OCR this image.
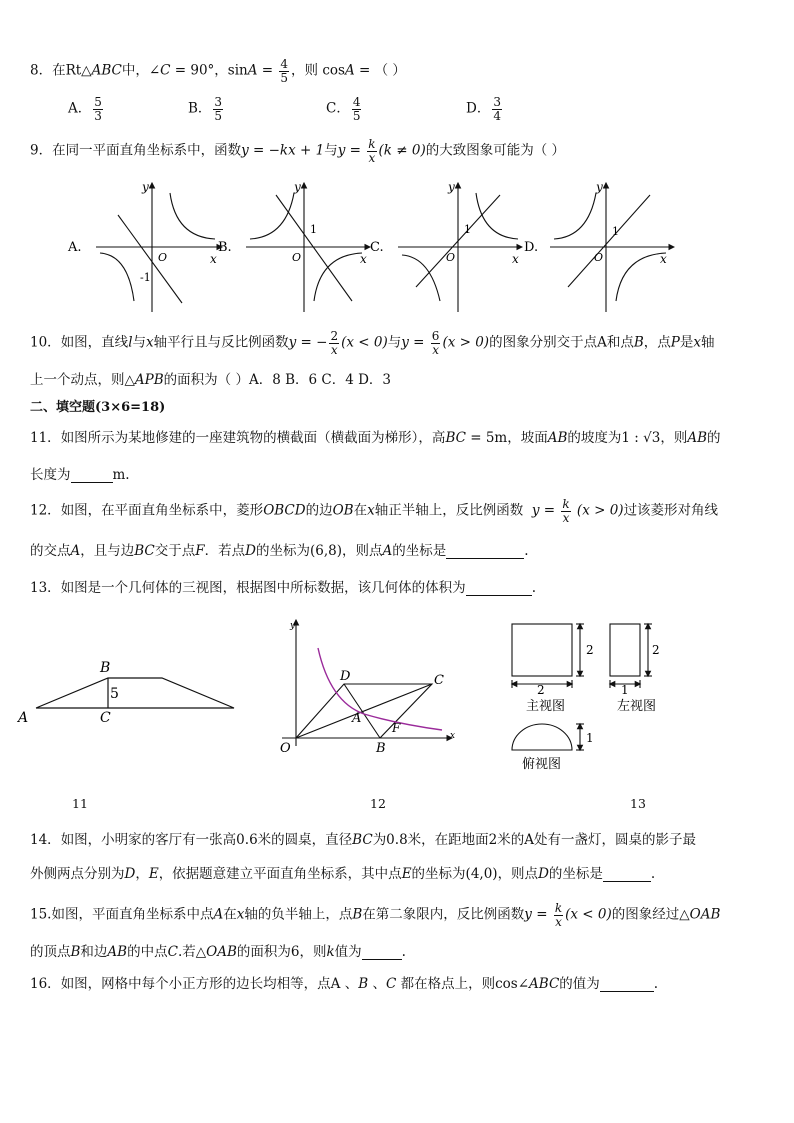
8．在Rt△ABC中，∠C = 90°，$\sin A = \frac{4}{5}$ ，则 cosA = （ ）
A． $\frac{5}{3}$	B． $\frac{3}{5}$	C． $\frac{4}{5}$	D． $\frac{3}{4}$
9．在同一平面直角坐标系中，函数y = −kx + 1与$y = \frac{k}{x} (k \ne 0)$的大致图象可能为（ ）
A.	B.	C.	D.
y
x
O
-1
y
x
O
1
y
x
O
1
y
x
O
1
10．如图，直线l与x轴平行且与反比例函数y = − $\frac{2}{x} (x < 0)$与$y = \frac{6}{x} (x > 0)$的图象分别交于点A和点B，点P是x轴
上一个动点，则△APB的面积为（ ）A．8 B．6 C．4 D．3
二、填空题(3×6=18)
11．如图所示为某地修建的一座建筑物的横截面（横截面为梯形），高BC = 5m，坡面AB的坡度为1 : √3，则AB的
长度为	m.
12．如图，在平面直角坐标系中，菱形OBCD的边OB在x轴正半轴上，反比例函数 $y = \frac{k}{x} (x > 0)$过该菱形对角线
的交点A，且与边BC交于点F．若点D的坐标为(6,8)，则点A的坐标是	.
13．如图是一个几何体的三视图，根据图中所标数据，该几何体的体积为	.
B
5
A	C
y
x
O
D	C
A
F
B
2
2
主视图
2
1
左视图
1
俯视图
11	12	13
14．如图，小明家的客厅有一张高0.6米的圆桌，直径BC为0.8米，在距地面2米的A处有一盏灯，圆桌的影子最
外侧两点分别为D，E，依据题意建立平面直角坐标系，其中点E的坐标为(4,0)，则点D的坐标是	.
15.如图，平面直角坐标系中点A在x轴的负半轴上，点B在第二象限内，反比例函数$y = \frac{k}{x} (x < 0)$的图象经过△OAB
的顶点B和边AB的中点C.若△OAB的面积为6，则k值为	.
16．如图，网格中每个小正方形的边长均相等，点A 、B 、C 都在格点上，则cos∠ABC的值为	.
